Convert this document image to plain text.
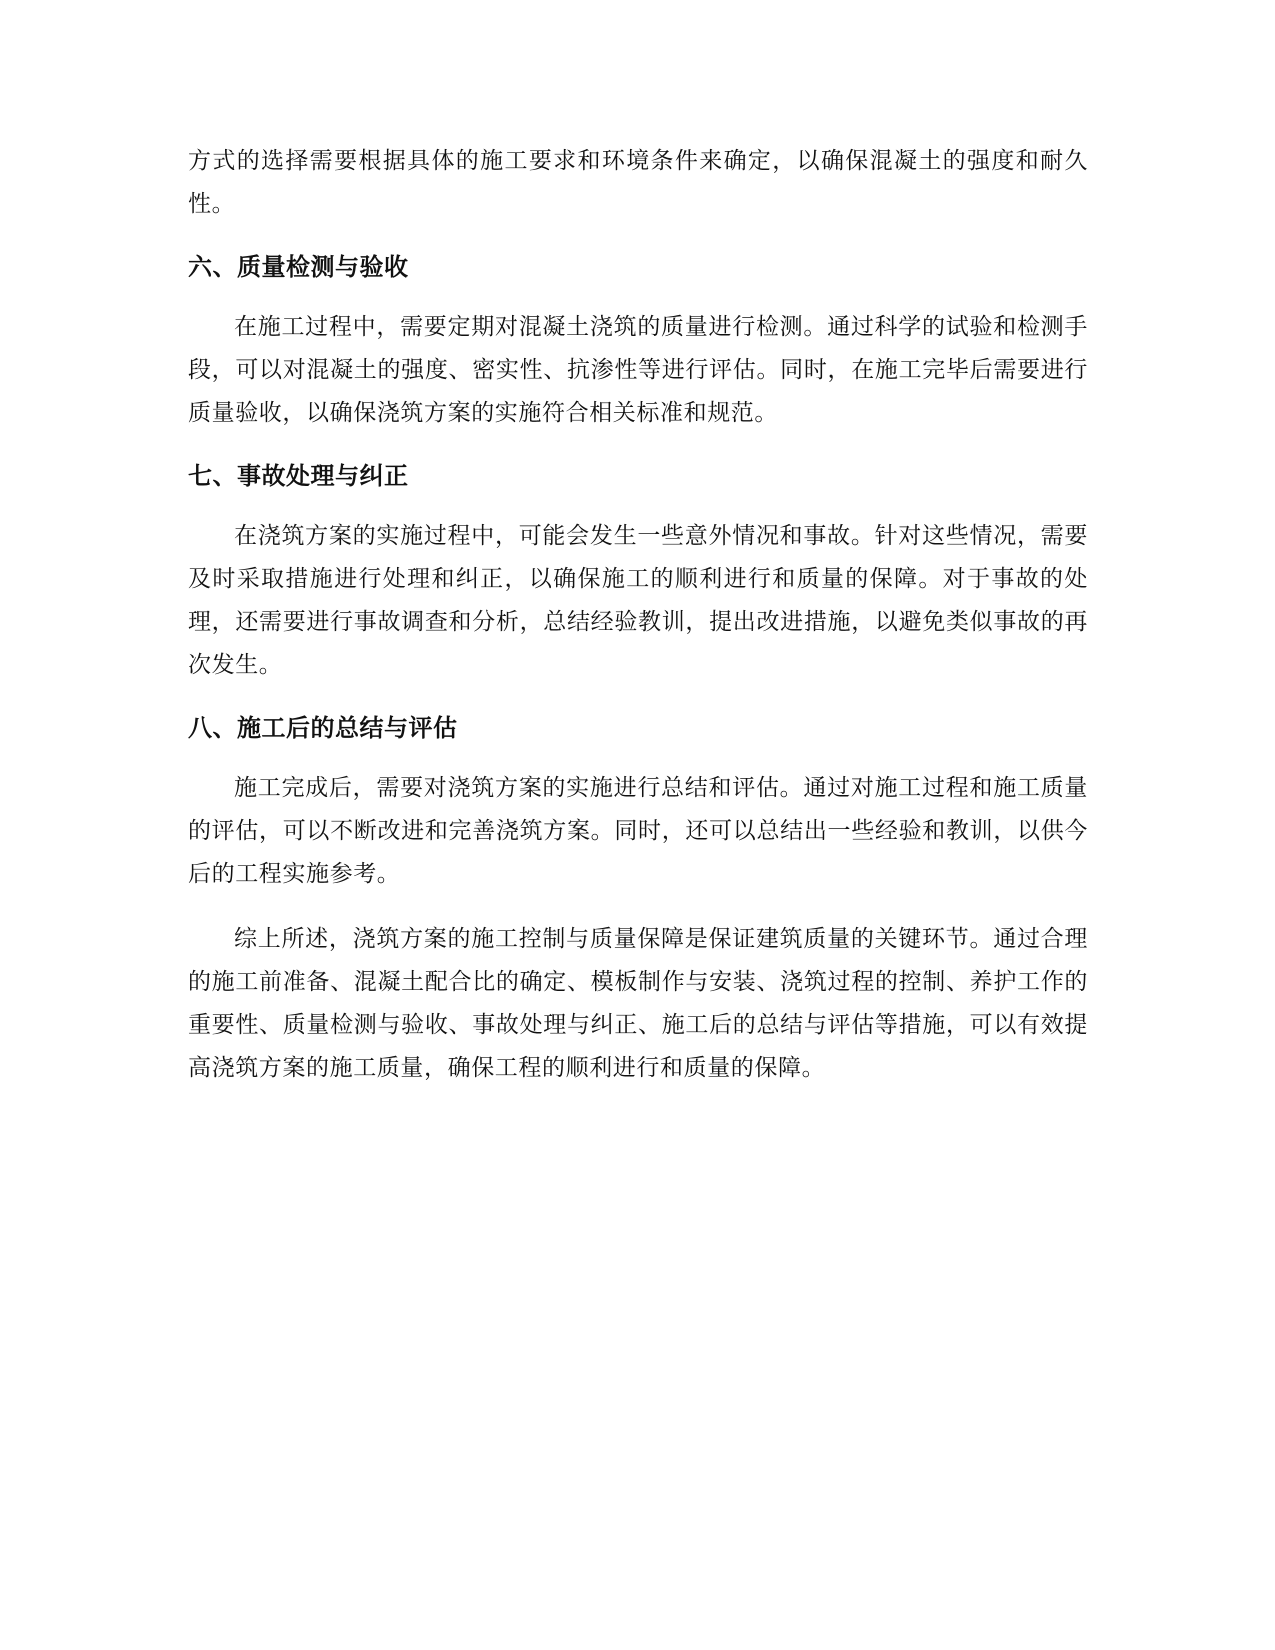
方式的选择需要根据具体的施工要求和环境条件来确定，以确保混凝土的强度和耐久性。

六、质量检测与验收

在施工过程中，需要定期对混凝土浇筑的质量进行检测。通过科学的试验和检测手段，可以对混凝土的强度、密实性、抗渗性等进行评估。同时，在施工完毕后需要进行质量验收，以确保浇筑方案的实施符合相关标准和规范。

七、事故处理与纠正

在浇筑方案的实施过程中，可能会发生一些意外情况和事故。针对这些情况，需要及时采取措施进行处理和纠正，以确保施工的顺利进行和质量的保障。对于事故的处理，还需要进行事故调查和分析，总结经验教训，提出改进措施，以避免类似事故的再次发生。

八、施工后的总结与评估

施工完成后，需要对浇筑方案的实施进行总结和评估。通过对施工过程和施工质量的评估，可以不断改进和完善浇筑方案。同时，还可以总结出一些经验和教训，以供今后的工程实施参考。

综上所述，浇筑方案的施工控制与质量保障是保证建筑质量的关键环节。通过合理的施工前准备、混凝土配合比的确定、模板制作与安装、浇筑过程的控制、养护工作的重要性、质量检测与验收、事故处理与纠正、施工后的总结与评估等措施，可以有效提高浇筑方案的施工质量，确保工程的顺利进行和质量的保障。
